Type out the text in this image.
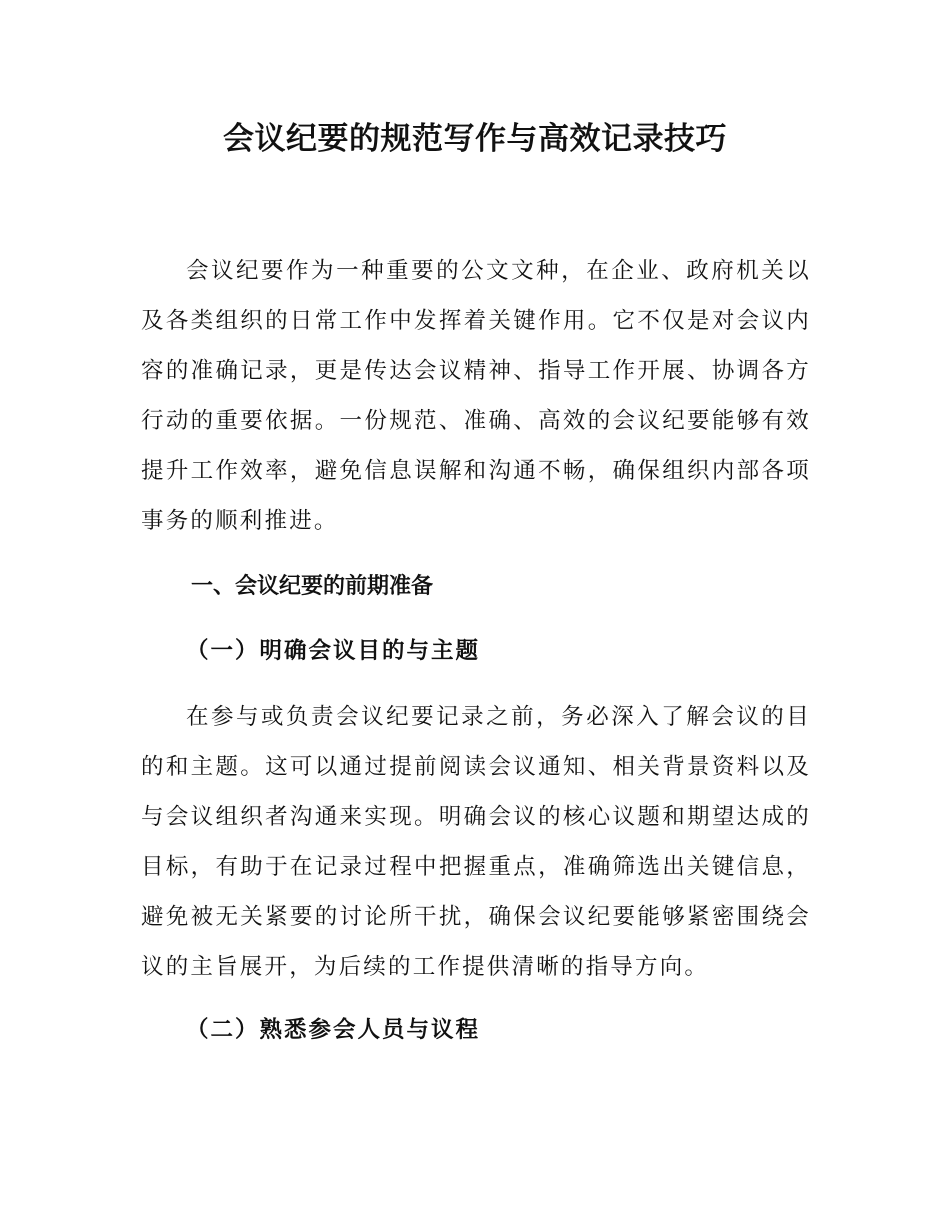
会议纪要的规范写作与高效记录技巧

会议纪要作为一种重要的公文文种，在企业、政府机关以及各类组织的日常工作中发挥着关键作用。它不仅是对会议内容的准确记录，更是传达会议精神、指导工作开展、协调各方行动的重要依据。一份规范、准确、高效的会议纪要能够有效提升工作效率，避免信息误解和沟通不畅，确保组织内部各项事务的顺利推进。

一、会议纪要的前期准备
（一）明确会议目的与主题

在参与或负责会议纪要记录之前，务必深入了解会议的目的和主题。这可以通过提前阅读会议通知、相关背景资料以及与会议组织者沟通来实现。明确会议的核心议题和期望达成的目标，有助于在记录过程中把握重点，准确筛选出关键信息，避免被无关紧要的讨论所干扰，确保会议纪要能够紧密围绕会议的主旨展开，为后续的工作提供清晰的指导方向。

（二）熟悉参会人员与议程
